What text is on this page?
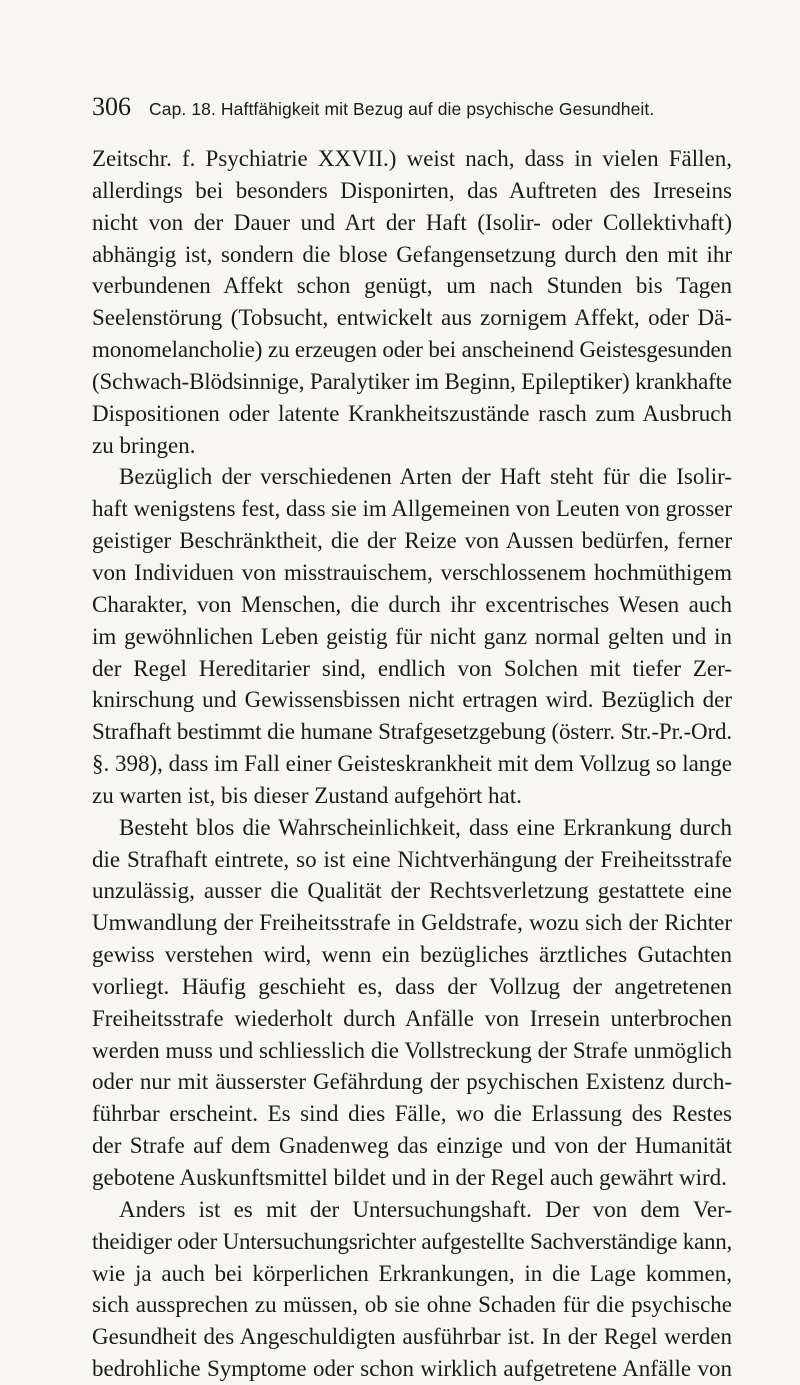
306 Cap. 18. Haftfähigkeit mit Bezug auf die psychische Gesundheit.
Zeitschr. f. Psychiatrie XXVII.) weist nach, dass in vielen Fällen,
allerdings bei besonders Disponirten, das Auftreten des Irreseins
nicht von der Dauer und Art der Haft (Isolir- oder Collektivhaft)
abhängig ist, sondern die blose Gefangensetzung durch den mit ihr
verbundenen Affekt schon genügt, um nach Stunden bis Tagen
Seelenstörung (Tobsucht, entwickelt aus zornigem Affekt, oder Dä-
monomelancholie) zu erzeugen oder bei anscheinend Geistesgesunden
(Schwach-Blödsinnige, Paralytiker im Beginn, Epileptiker) krankhafte
Dispositionen oder latente Krankheitszustände rasch zum Ausbruch
zu bringen.
Bezüglich der verschiedenen Arten der Haft steht für die Isolir-
haft wenigstens fest, dass sie im Allgemeinen von Leuten von grosser
geistiger Beschränktheit, die der Reize von Aussen bedürfen, ferner
von Individuen von misstrauischem, verschlossenem hochmüthigem
Charakter, von Menschen, die durch ihr excentrisches Wesen auch
im gewöhnlichen Leben geistig für nicht ganz normal gelten und in
der Regel Hereditarier sind, endlich von Solchen mit tiefer Zer-
knirschung und Gewissensbissen nicht ertragen wird. Bezüglich der
Strafhaft bestimmt die humane Strafgesetzgebung (österr. Str.-Pr.-Ord.
§. 398), dass im Fall einer Geisteskrankheit mit dem Vollzug so lange
zu warten ist, bis dieser Zustand aufgehört hat.
Besteht blos die Wahrscheinlichkeit, dass eine Erkrankung durch
die Strafhaft eintrete, so ist eine Nichtverhängung der Freiheitsstrafe
unzulässig, ausser die Qualität der Rechtsverletzung gestattete eine
Umwandlung der Freiheitsstrafe in Geldstrafe, wozu sich der Richter
gewiss verstehen wird, wenn ein bezügliches ärztliches Gutachten
vorliegt. Häufig geschieht es, dass der Vollzug der angetretenen
Freiheitsstrafe wiederholt durch Anfälle von Irresein unterbrochen
werden muss und schliesslich die Vollstreckung der Strafe unmöglich
oder nur mit äusserster Gefährdung der psychischen Existenz durch-
führbar erscheint. Es sind dies Fälle, wo die Erlassung des Restes
der Strafe auf dem Gnadenweg das einzige und von der Humanität
gebotene Auskunftsmittel bildet und in der Regel auch gewährt wird.
Anders ist es mit der Untersuchungshaft. Der von dem Ver-
theidiger oder Untersuchungsrichter aufgestellte Sachverständige kann,
wie ja auch bei körperlichen Erkrankungen, in die Lage kommen,
sich aussprechen zu müssen, ob sie ohne Schaden für die psychische
Gesundheit des Angeschuldigten ausführbar ist. In der Regel werden
bedrohliche Symptome oder schon wirklich aufgetretene Anfälle von
